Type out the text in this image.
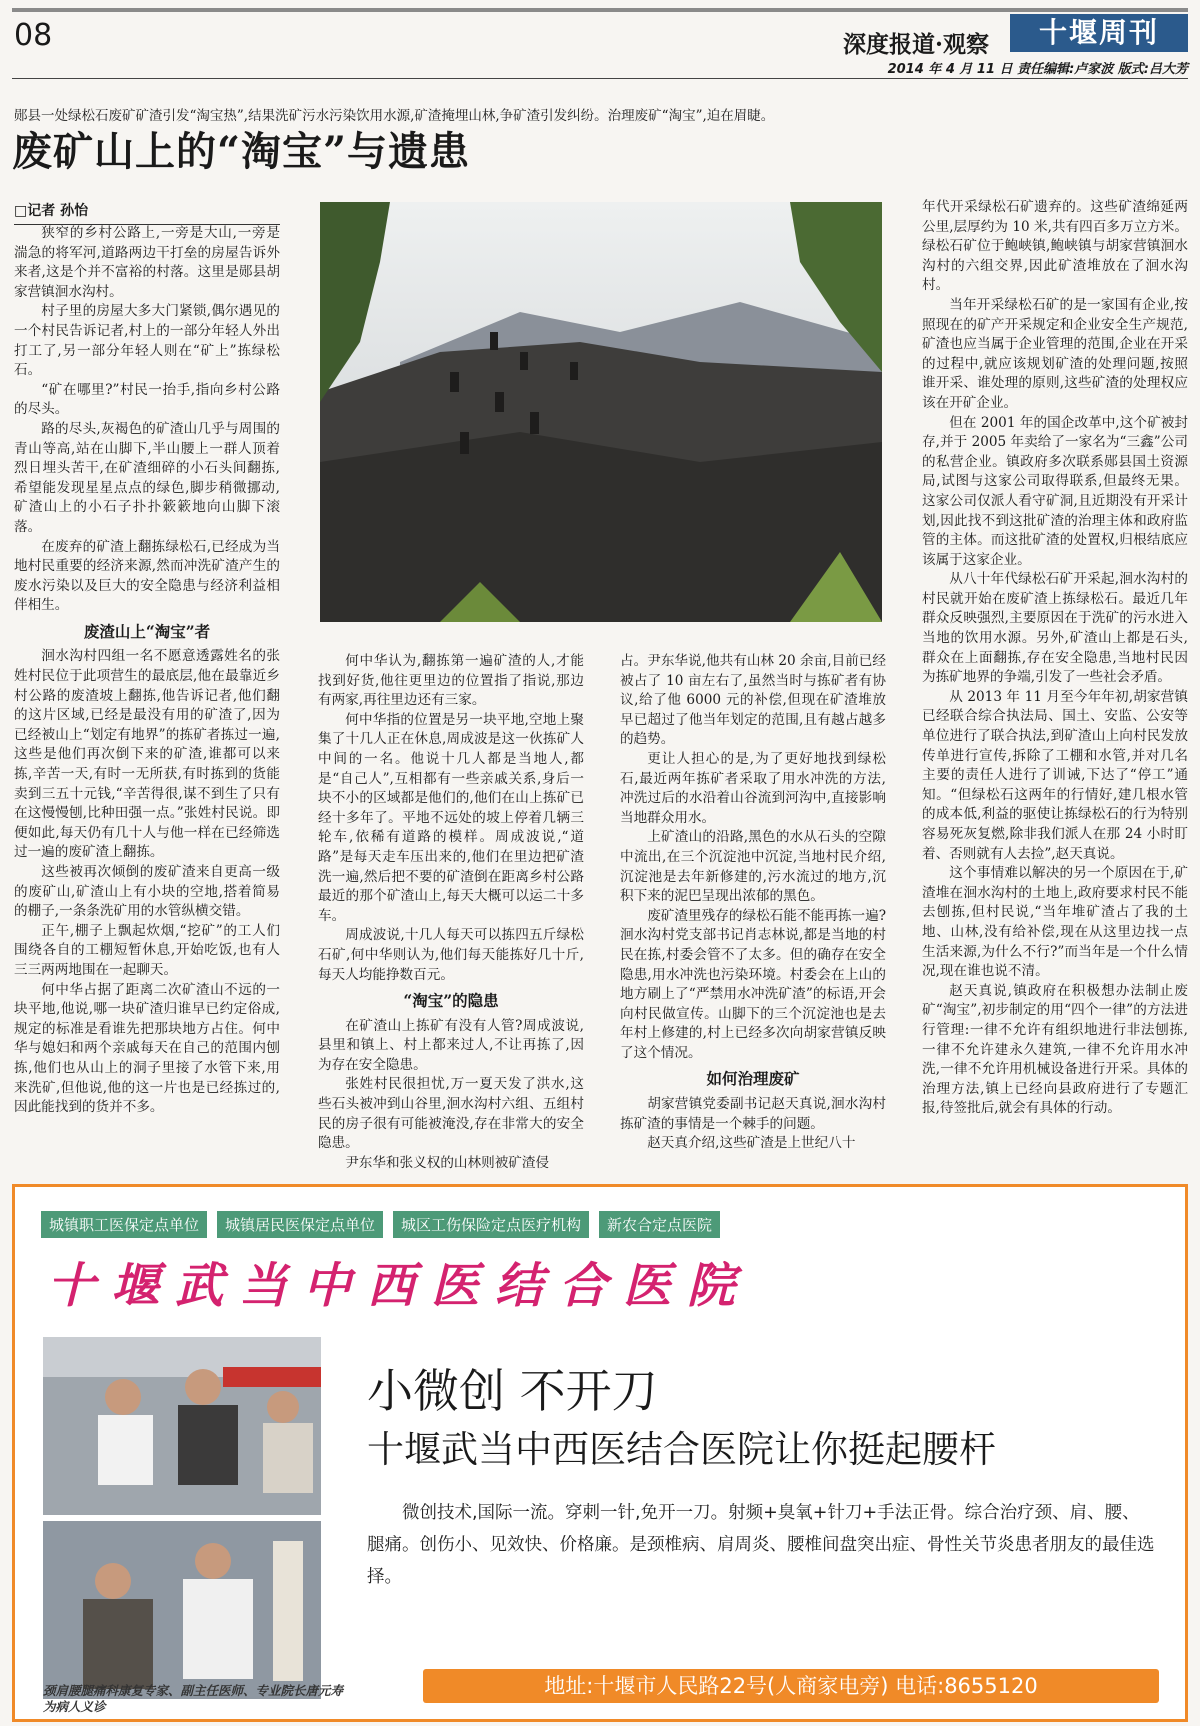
08	深度报道·观察	十堰周刊
2014 年 4 月 11 日 责任编辑:卢家波 版式:吕大芳
郧县一处绿松石废矿矿渣引发“淘宝热”,结果洗矿污水污染饮用水源,矿渣掩埋山林,争矿渣引发纠纷。治理废矿“淘宝”,迫在眉睫。
废矿山上的“淘宝”与遗患
□记者 孙怡

狭窄的乡村公路上,一旁是大山,一旁是湍急的将军河,道路两边干打垒的房屋告诉外来者,这是个并不富裕的村落。这里是郧县胡家营镇洄水沟村。

村子里的房屋大多大门紧锁,偶尔遇见的一个村民告诉记者,村上的一部分年轻人外出打工了,另一部分年轻人则在“矿上”拣绿松石。

“矿在哪里?”村民一抬手,指向乡村公路的尽头。

路的尽头,灰褐色的矿渣山几乎与周围的青山等高,站在山脚下,半山腰上一群人顶着烈日埋头苦干,在矿渣细碎的小石头间翻拣,希望能发现星星点点的绿色,脚步稍微挪动,矿渣山上的小石子扑扑簌簌地向山脚下滚落。

在废弃的矿渣上翻拣绿松石,已经成为当地村民重要的经济来源,然而冲洗矿渣产生的废水污染以及巨大的安全隐患与经济利益相伴相生。

废渣山上“淘宝”者

洄水沟村四组一名不愿意透露姓名的张姓村民位于此项营生的最底层,他在最靠近乡村公路的废渣坡上翻拣,他告诉记者,他们翻的这片区域,已经是最没有用的矿渣了,因为已经被山上“划定有地界”的拣矿者拣过一遍,这些是他们再次倒下来的矿渣,谁都可以来拣,辛苦一天,有时一无所获,有时拣到的货能卖到三五十元钱,“辛苦得很,谋不到生了只有在这慢慢刨,比种田强一点。”张姓村民说。即便如此,每天仍有几十人与他一样在已经筛选过一遍的废矿渣上翻拣。

这些被再次倾倒的废矿渣来自更高一级的废矿山,矿渣山上有小块的空地,搭着简易的棚子,一条条洗矿用的水管纵横交错。

正午,棚子上飘起炊烟,“挖矿”的工人们围绕各自的工棚短暂休息,开始吃饭,也有人三三两两地围在一起聊天。

何中华占据了距离二次矿渣山不远的一块平地,他说,哪一块矿渣归谁早已约定俗成,规定的标准是看谁先把那块地方占住。何中华与媳妇和两个亲戚每天在自己的范围内刨拣,他们也从山上的洞子里接了水管下来,用来洗矿,但他说,他的这一片也是已经拣过的,因此能找到的货并不多。

何中华认为,翻拣第一遍矿渣的人,才能找到好货,他往更里边的位置指了指说,那边有两家,再往里边还有三家。

何中华指的位置是另一块平地,空地上聚集了十几人正在休息,周成波是这一伙拣矿人中间的一名。他说十几人都是当地人,都是“自己人”,互相都有一些亲戚关系,身后一块不小的区域都是他们的,他们在山上拣矿已经十多年了。平地不远处的坡上停着几辆三轮车,依稀有道路的模样。周成波说,“道路”是每天走车压出来的,他们在里边把矿渣洗一遍,然后把不要的矿渣倒在距离乡村公路最近的那个矿渣山上,每天大概可以运二十多车。

周成波说,十几人每天可以拣四五斤绿松石矿,何中华则认为,他们每天能拣好几十斤,每天人均能挣数百元。

“淘宝”的隐患

在矿渣山上拣矿有没有人管?周成波说,县里和镇上、村上都来过人,不让再拣了,因为存在安全隐患。

张姓村民很担忧,万一夏天发了洪水,这些石头被冲到山谷里,洄水沟村六组、五组村民的房子很有可能被淹没,存在非常大的安全隐患。

尹东华和张义权的山林则被矿渣侵

占。尹东华说,他共有山林 20 余亩,目前已经被占了 10 亩左右了,虽然当时与拣矿者有协议,给了他 6000 元的补偿,但现在矿渣堆放早已超过了他当年划定的范围,且有越占越多的趋势。

更让人担心的是,为了更好地找到绿松石,最近两年拣矿者采取了用水冲洗的方法,冲洗过后的水沿着山谷流到河沟中,直接影响当地群众用水。

上矿渣山的沿路,黑色的水从石头的空隙中流出,在三个沉淀池中沉淀,当地村民介绍,沉淀池是去年新修建的,污水流过的地方,沉积下来的泥巴呈现出浓郁的黑色。

废矿渣里残存的绿松石能不能再拣一遍?洄水沟村党支部书记肖志林说,都是当地的村民在拣,村委会管不了太多。但的确存在安全隐患,用水冲洗也污染环境。村委会在上山的地方刷上了“严禁用水冲洗矿渣”的标语,开会向村民做宣传。山脚下的三个沉淀池也是去年村上修建的,村上已经多次向胡家营镇反映了这个情况。

如何治理废矿

胡家营镇党委副书记赵天真说,洄水沟村拣矿渣的事情是一个棘手的问题。

赵天真介绍,这些矿渣是上世纪八十

年代开采绿松石矿遗弃的。这些矿渣绵延两公里,层厚约为 10 米,共有四百多万立方米。绿松石矿位于鲍峡镇,鲍峡镇与胡家营镇洄水沟村的六组交界,因此矿渣堆放在了洄水沟村。

当年开采绿松石矿的是一家国有企业,按照现在的矿产开采规定和企业安全生产规范,矿渣也应当属于企业管理的范围,企业在开采的过程中,就应该规划矿渣的处理问题,按照谁开采、谁处理的原则,这些矿渣的处理权应该在开矿企业。

但在 2001 年的国企改革中,这个矿被封存,并于 2005 年卖给了一家名为“三鑫”公司的私营企业。镇政府多次联系郧县国土资源局,试图与这家公司取得联系,但最终无果。这家公司仅派人看守矿洞,且近期没有开采计划,因此找不到这批矿渣的治理主体和政府监管的主体。而这批矿渣的处置权,归根结底应该属于这家企业。

从八十年代绿松石矿开采起,洄水沟村的村民就开始在废矿渣上拣绿松石。最近几年群众反映强烈,主要原因在于洗矿的污水进入当地的饮用水源。另外,矿渣山上都是石头,群众在上面翻拣,存在安全隐患,当地村民因为拣矿地界的争端,引发了一些社会矛盾。

从 2013 年 11 月至今年年初,胡家营镇已经联合综合执法局、国土、安监、公安等单位进行了联合执法,到矿渣山上向村民发放传单进行宣传,拆除了工棚和水管,并对几名主要的责任人进行了训诫,下达了“停工”通知。“但绿松石这两年的行情好,建几根水管的成本低,利益的驱使让拣绿松石的行为特别容易死灰复燃,除非我们派人在那 24 小时盯着、否则就有人去捡”,赵天真说。

这个事情难以解决的另一个原因在于,矿渣堆在洄水沟村的土地上,政府要求村民不能去刨拣,但村民说,“当年堆矿渣占了我的土地、山林,没有给补偿,现在从这里边找一点生活来源,为什么不行?”而当年是一个什么情况,现在谁也说不清。

赵天真说,镇政府在积极想办法制止废矿“淘宝”,初步制定的用“四个一律”的方法进行管理:一律不允许有组织地进行非法刨拣,一律不允许建永久建筑,一律不允许用水冲洗,一律不允许用机械设备进行开采。具体的治理方法,镇上已经向县政府进行了专题汇报,待签批后,就会有具体的行动。

城镇职工医保定点单位	城镇居民医保定点单位	城区工伤保险定点医疗机构	新农合定点医院
十堰武当中西医结合医院
颈肩腰腿痛科康复专家、副主任医师、专业院长唐元寿为病人义诊
小微创 不开刀
十堰武当中西医结合医院让你挺起腰杆
微创技术,国际一流。穿刺一针,免开一刀。射频+臭氧+针刀+手法正骨。综合治疗颈、肩、腰、腿痛。创伤小、见效快、价格廉。是颈椎病、肩周炎、腰椎间盘突出症、骨性关节炎患者朋友的最佳选择。
地址:十堰市人民路22号(人商家电旁) 电话:8655120
